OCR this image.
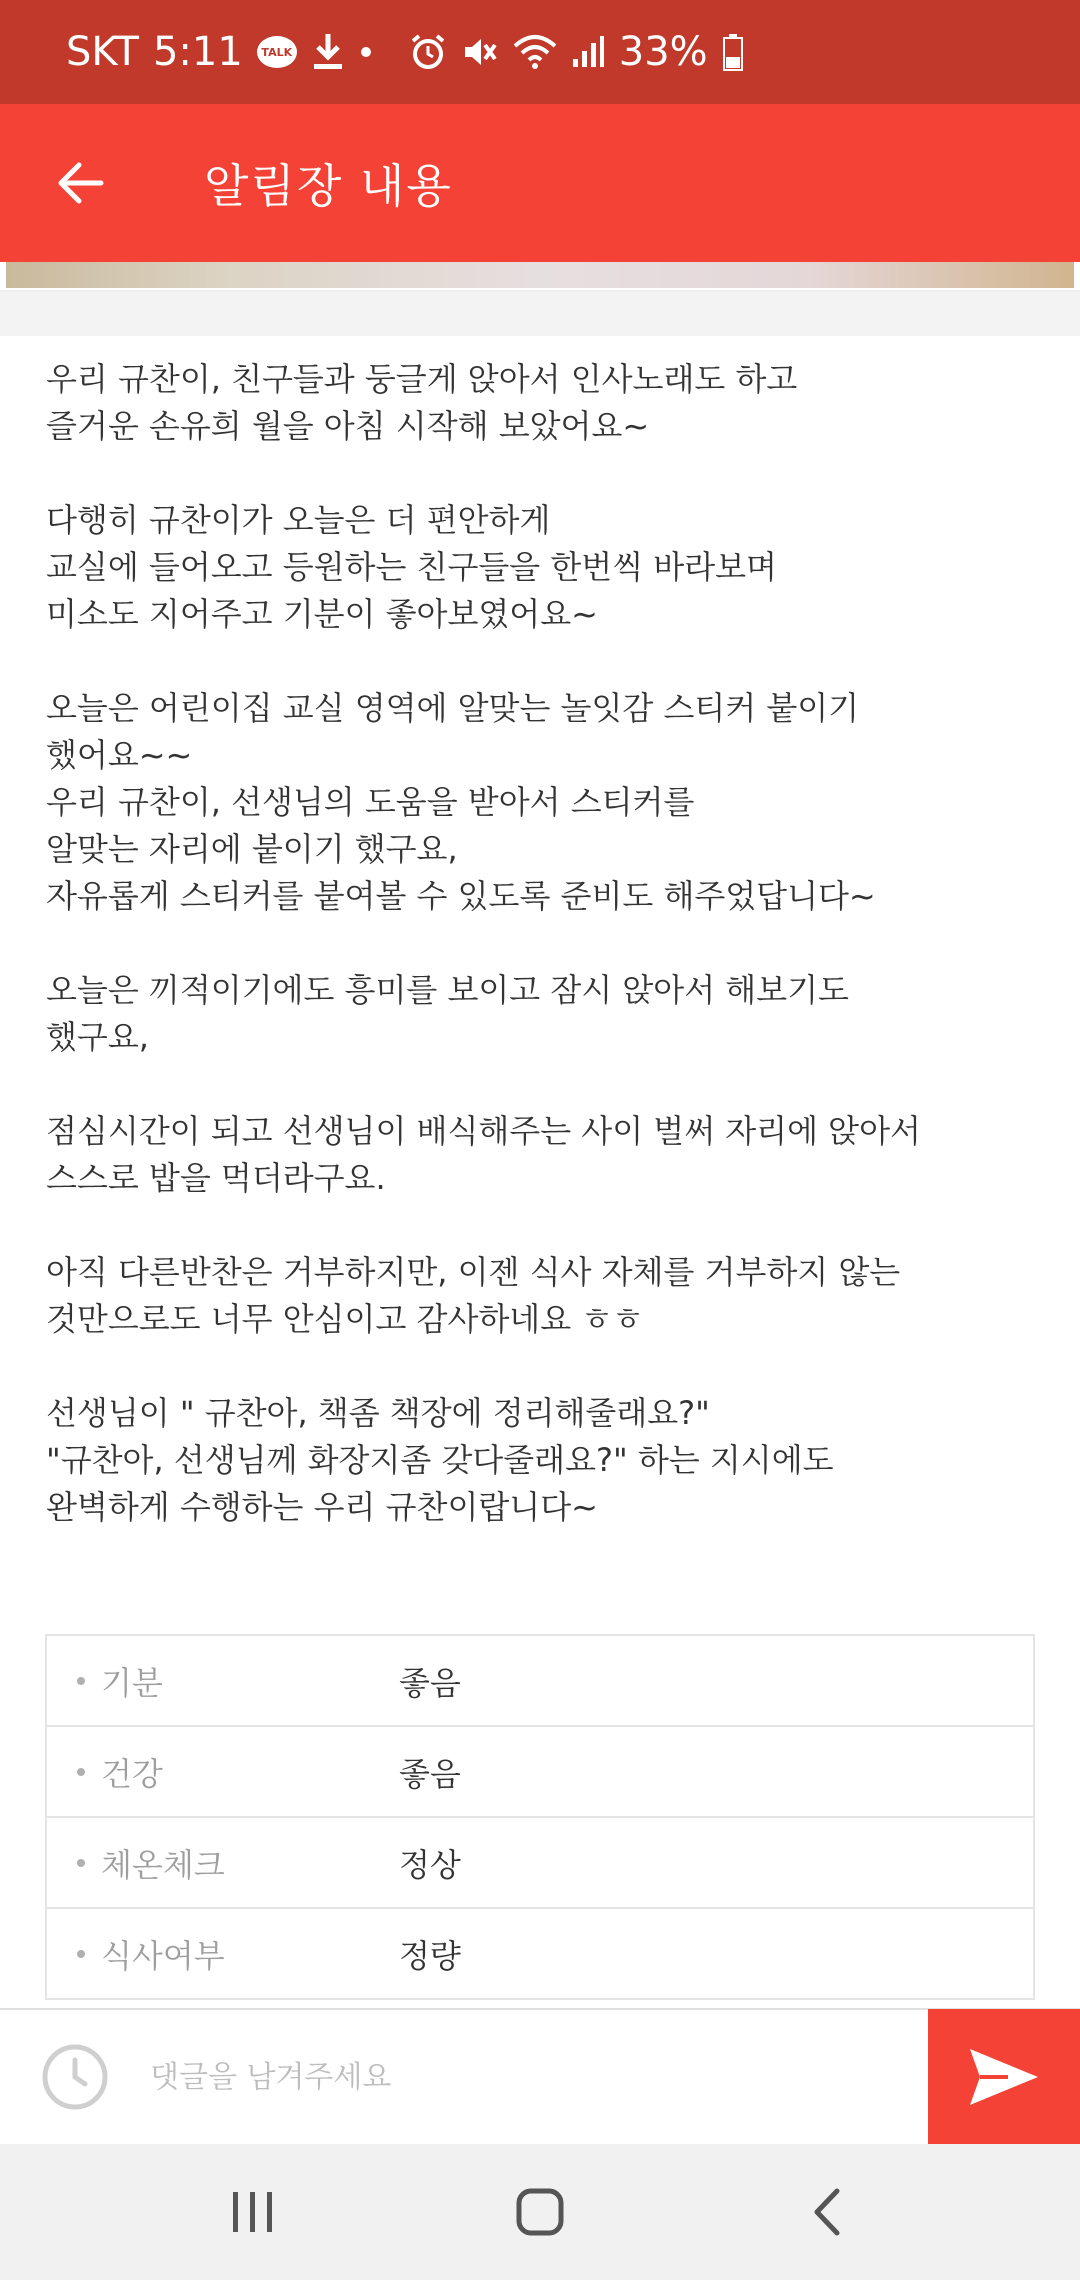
SKT 5:11	TALK	33%
알림장 내용
우리 규찬이, 친구들과 둥글게 앉아서 인사노래도 하고
즐거운 손유희 월을 아침 시작해 보았어요~
다행히 규찬이가 오늘은 더 편안하게
교실에 들어오고 등원하는 친구들을 한번씩 바라보며
미소도 지어주고 기분이 좋아보였어요~
오늘은 어린이집 교실 영역에 알맞는 놀잇감 스티커 붙이기
했어요~~
우리 규찬이, 선생님의 도움을 받아서 스티커를
알맞는 자리에 붙이기 했구요,
자유롭게 스티커를 붙여볼 수 있도록 준비도 해주었답니다~
오늘은 끼적이기에도 흥미를 보이고 잠시 앉아서 해보기도
했구요,
점심시간이 되고 선생님이 배식해주는 사이 벌써 자리에 앉아서
스스로 밥을 먹더라구요.
아직 다른반찬은 거부하지만, 이젠 식사 자체를 거부하지 않는
것만으로도 너무 안심이고 감사하네요 ㅎㅎ
선생님이 " 규찬아, 책좀 책장에 정리해줄래요?"
"규찬아, 선생님께 화장지좀 갖다줄래요?" 하는 지시에도
완벽하게 수행하는 우리 규찬이랍니다~
기분	좋음
건강	좋음
체온체크	정상
식사여부	정량
댓글을 남겨주세요
